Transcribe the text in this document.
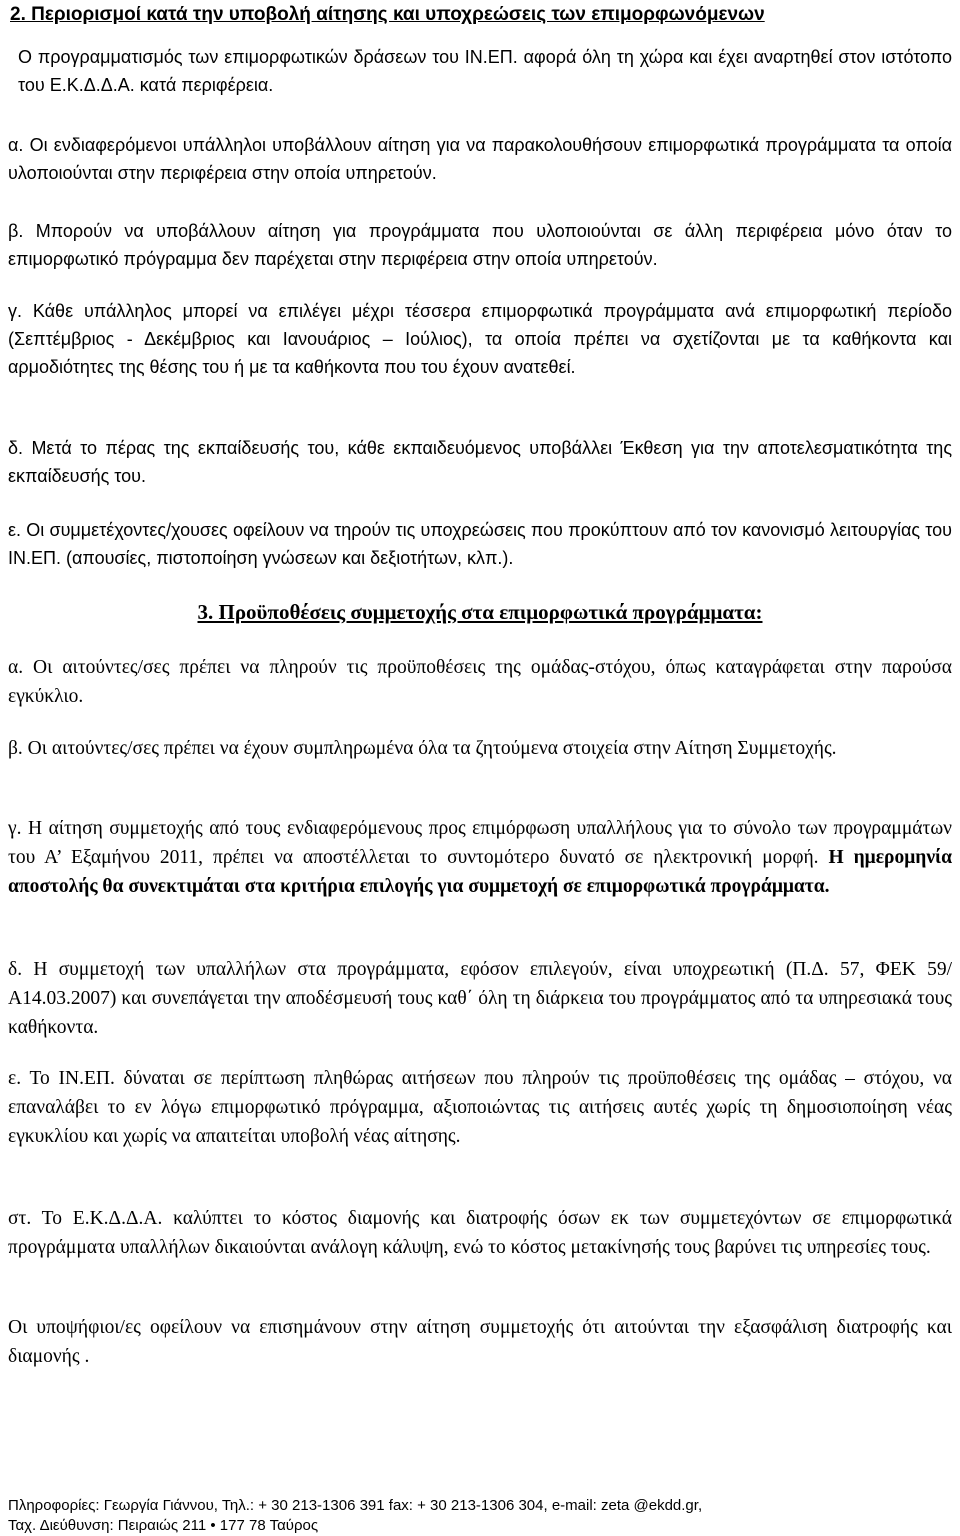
2. Περιορισμοί κατά την υποβολή αίτησης και υποχρεώσεις των επιμορφωνόμενων
Ο προγραμματισμός των επιμορφωτικών δράσεων του ΙΝ.ΕΠ. αφορά όλη τη χώρα και έχει αναρτηθεί στον ιστότοπο του Ε.Κ.Δ.Δ.Α. κατά περιφέρεια.
α. Οι ενδιαφερόμενοι υπάλληλοι υποβάλλουν αίτηση για να παρακολουθήσουν επιμορφωτικά προγράμματα τα οποία υλοποιούνται στην περιφέρεια στην οποία υπηρετούν.
β. Μπορούν να υποβάλλουν αίτηση για προγράμματα που υλοποιούνται σε άλλη περιφέρεια μόνο όταν το επιμορφωτικό πρόγραμμα δεν παρέχεται στην περιφέρεια στην οποία υπηρετούν.
γ. Κάθε υπάλληλος μπορεί να επιλέγει μέχρι τέσσερα επιμορφωτικά προγράμματα ανά επιμορφωτική περίοδο (Σεπτέμβριος - Δεκέμβριος και Ιανουάριος – Ιούλιος), τα οποία πρέπει να σχετίζονται με τα καθήκοντα και αρμοδιότητες της θέσης του ή με τα καθήκοντα που του έχουν ανατεθεί.
δ. Μετά το πέρας της εκπαίδευσής του, κάθε εκπαιδευόμενος υποβάλλει Έκθεση για την αποτελεσματικότητα της εκπαίδευσής του.
ε. Οι συμμετέχοντες/χουσες οφείλουν να τηρούν τις υποχρεώσεις που προκύπτουν από τον κανονισμό λειτουργίας του ΙΝ.ΕΠ. (απουσίες, πιστοποίηση γνώσεων και δεξιοτήτων, κλπ.).
3. Προϋποθέσεις συμμετοχής στα επιμορφωτικά προγράμματα:
α. Οι αιτούντες/σες πρέπει να πληρούν τις προϋποθέσεις της ομάδας-στόχου, όπως καταγράφεται στην παρούσα εγκύκλιο.
β. Οι αιτούντες/σες πρέπει να έχουν συμπληρωμένα όλα τα ζητούμενα στοιχεία στην Αίτηση Συμμετοχής.
γ. Η αίτηση συμμετοχής από τους ενδιαφερόμενους προς επιμόρφωση υπαλλήλους για το σύνολο των προγραμμάτων του Α’ Εξαμήνου 2011, πρέπει να αποστέλλεται το συντομότερο δυνατό σε ηλεκτρονική μορφή. Η ημερομηνία αποστολής θα συνεκτιμάται στα κριτήρια επιλογής για συμμετοχή σε επιμορφωτικά προγράμματα.
δ. Η συμμετοχή των υπαλλήλων στα προγράμματα, εφόσον επιλεγούν, είναι υποχρεωτική (Π.Δ. 57, ΦΕΚ 59/Α14.03.2007) και συνεπάγεται την αποδέσμευσή τους καθ΄ όλη τη διάρκεια του προγράμματος από τα υπηρεσιακά τους καθήκοντα.
ε. Το ΙΝ.ΕΠ. δύναται σε περίπτωση πληθώρας αιτήσεων που πληρούν τις προϋποθέσεις της ομάδας – στόχου, να επαναλάβει το εν λόγω επιμορφωτικό πρόγραμμα, αξιοποιώντας τις αιτήσεις αυτές χωρίς τη δημοσιοποίηση νέας εγκυκλίου και χωρίς να απαιτείται υποβολή νέας αίτησης.
στ. Το Ε.Κ.Δ.Δ.Α. καλύπτει το κόστος διαμονής και διατροφής όσων εκ των συμμετεχόντων σε επιμορφωτικά προγράμματα υπαλλήλων δικαιούνται ανάλογη κάλυψη, ενώ το κόστος μετακίνησής τους βαρύνει τις υπηρεσίες τους.
Οι υποψήφιοι/ες οφείλουν να επισημάνουν στην αίτηση συμμετοχής ότι αιτούνται την εξασφάλιση διατροφής και διαμονής .
Πληροφορίες: Γεωργία Γιάννου, Τηλ.: + 30 213-1306 391 fax: + 30 213-1306 304, e-mail: zeta @ekdd.gr,
Ταχ. Διεύθυνση: Πειραιώς 211 • 177 78 Ταύρος
